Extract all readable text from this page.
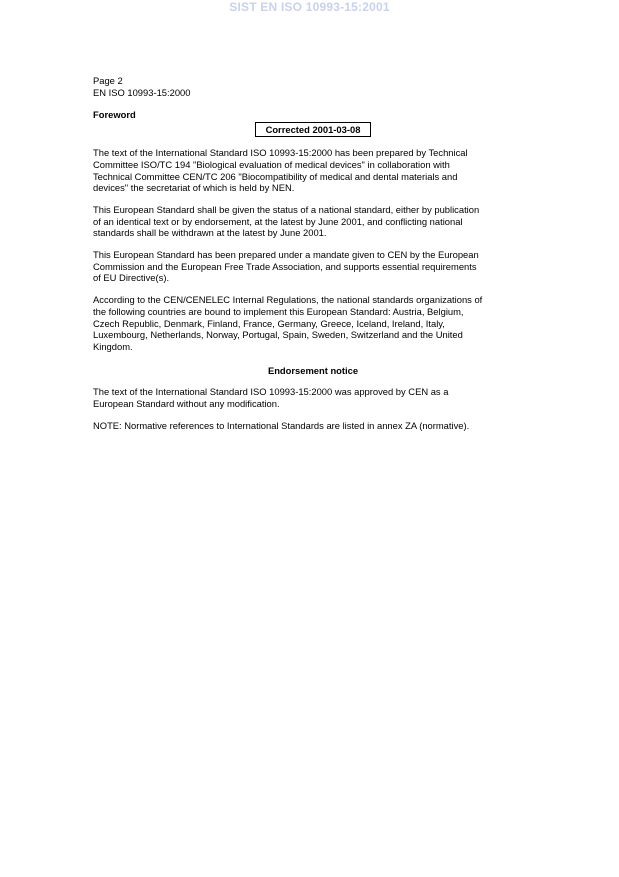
SIST EN ISO 10993-15:2001
Page 2
EN ISO 10993-15:2000
Foreword
Corrected 2001-03-08

The text of the International Standard ISO 10993-15:2000 has been prepared by Technical
Committee ISO/TC 194 "Biological evaluation of medical devices" in collaboration with
Technical Committee CEN/TC 206 "Biocompatibility of medical and dental materials and
devices" the secretariat of which is held by NEN.

This European Standard shall be given the status of a national standard, either by publication
of an identical text or by endorsement, at the latest by June 2001, and conflicting national
standards shall be withdrawn at the latest by June 2001.

This European Standard has been prepared under a mandate given to CEN by the European
Commission and the European Free Trade Association, and supports essential requirements
of EU Directive(s).

According to the CEN/CENELEC Internal Regulations, the national standards organizations of
the following countries are bound to implement this European Standard: Austria, Belgium,
Czech Republic, Denmark, Finland, France, Germany, Greece, Iceland, Ireland, Italy,
Luxembourg, Netherlands, Norway, Portugal, Spain, Sweden, Switzerland and the United
Kingdom.

Endorsement notice

The text of the International Standard ISO 10993-15:2000 was approved by CEN as a
European Standard without any modification.

NOTE: Normative references to International Standards are listed in annex ZA (normative).
